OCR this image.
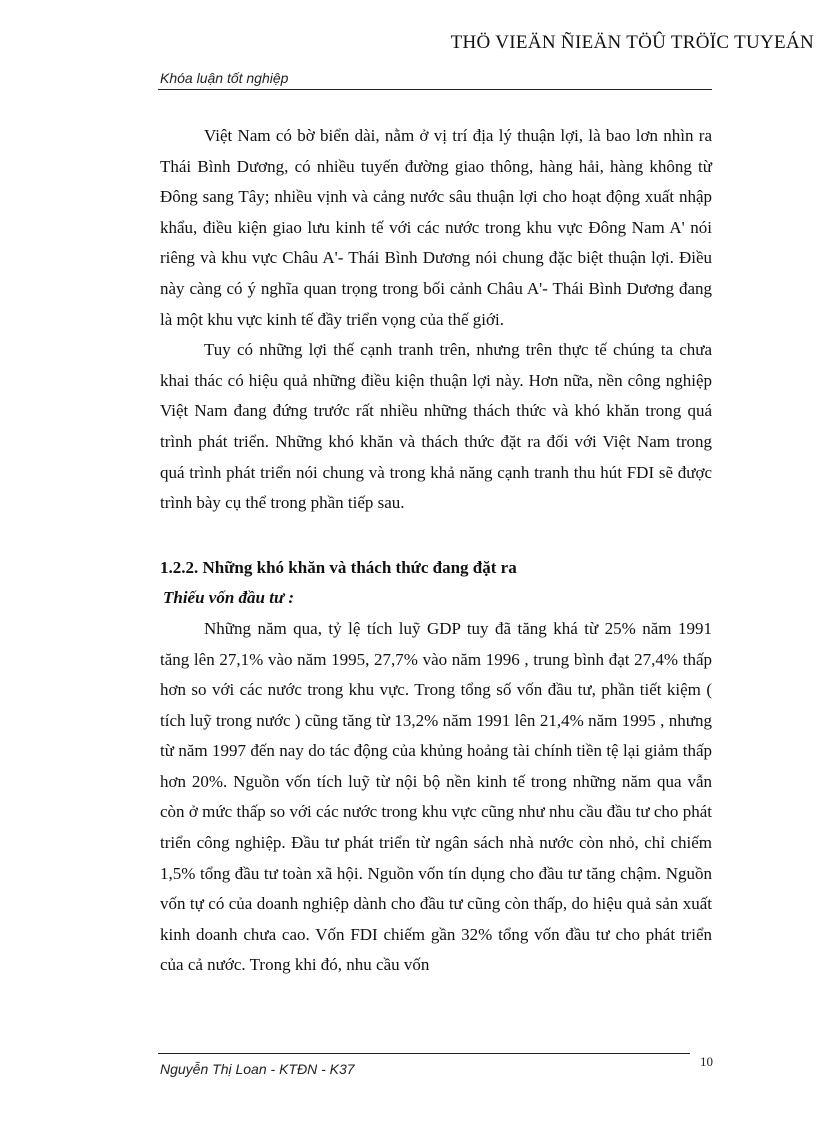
THÖ VIEÄN ÑIEÄN TÖÛ TRÖÏC TUYEÁN
Khóa luận tốt nghiệp

Việt Nam có bờ biển dài, nằm ở vị trí địa lý thuận lợi, là bao lơn nhìn ra Thái Bình Dương, có nhiều tuyến đường giao thông, hàng hải, hàng không từ Đông sang Tây; nhiều vịnh và cảng nước sâu thuận lợi cho hoạt động xuất nhập khẩu, điều kiện giao lưu kinh tế với các nước trong khu vực Đông Nam A' nói riêng và khu vực Châu A'- Thái Bình Dương nói chung đặc biệt thuận lợi. Điều này càng có ý nghĩa quan trọng trong bối cảnh Châu A'- Thái Bình Dương đang là một khu vực kinh tế đầy triển vọng của thế giới.

Tuy có những lợi thế cạnh tranh trên, nhưng trên thực tế chúng ta chưa khai thác có hiệu quả những điều kiện thuận lợi này. Hơn nữa, nền công nghiệp Việt Nam đang đứng trước rất nhiều những thách thức và khó khăn trong quá trình phát triển. Những khó khăn và thách thức đặt ra đối với Việt Nam trong quá trình phát triển nói chung và trong khả năng cạnh tranh thu hút FDI sẽ được trình bày cụ thể trong phần tiếp sau.

1.2.2. Những khó khăn và thách thức đang đặt ra
Thiếu vốn đầu tư :

Những năm qua, tỷ lệ tích luỹ GDP tuy đã tăng khá từ 25% năm 1991 tăng lên 27,1% vào năm 1995, 27,7% vào năm 1996 , trung bình đạt 27,4% thấp hơn so với các nước trong khu vực. Trong tổng số vốn đầu tư, phần tiết kiệm ( tích luỹ trong nước ) cũng tăng từ 13,2% năm 1991 lên 21,4% năm 1995 , nhưng từ năm 1997 đến nay do tác động của khủng hoảng tài chính tiền tệ lại giảm thấp hơn 20%. Nguồn vốn tích luỹ từ nội bộ nền kinh tế trong những năm qua vẫn còn ở mức thấp so với các nước trong khu vực cũng như nhu cầu đầu tư cho phát triển công nghiệp. Đầu tư phát triển từ ngân sách nhà nước còn nhỏ, chỉ chiếm 1,5% tổng đầu tư toàn xã hội. Nguồn vốn tín dụng cho đầu tư tăng chậm. Nguồn vốn tự có của doanh nghiệp dành cho đầu tư cũng còn thấp, do hiệu quả sản xuất kinh doanh chưa cao. Vốn FDI chiếm gần 32% tổng vốn đầu tư cho phát triển của cả nước. Trong khi đó, nhu cầu vốn

Nguyễn Thị Loan - KTĐN - K37	10
